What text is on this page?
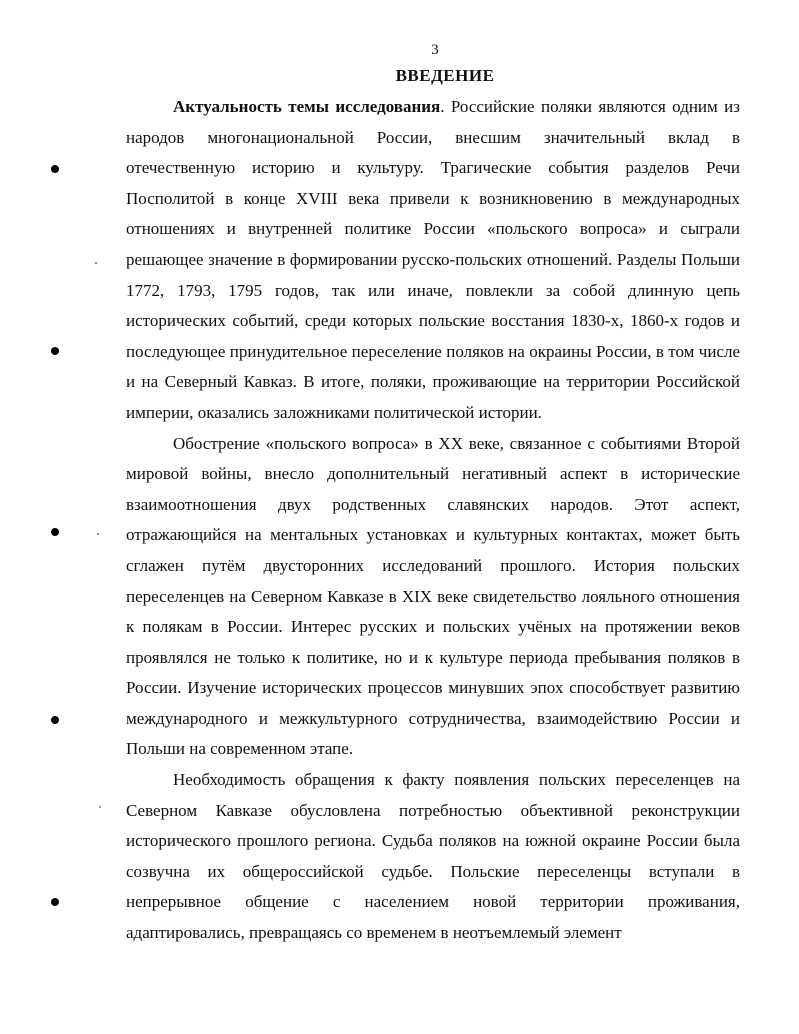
3
ВВЕДЕНИЕ

Актуальность темы исследования. Российские поляки являются одним из народов многонациональной России, внесшим значительный вклад в отечественную историю и культуру. Трагические события разделов Речи Посполитой в конце XVIII века привели к возникновению в международных отношениях и внутренней политике России «польского вопроса» и сыграли решающее значение в формировании русско-польских отношений. Разделы Польши 1772, 1793, 1795 годов, так или иначе, повлекли за собой длинную цепь исторических событий, среди которых польские восстания 1830-х, 1860-х годов и последующее принудительное переселение поляков на окраины России, в том числе и на Северный Кавказ. В итоге, поляки, проживающие на территории Российской империи, оказались заложниками политической истории.

Обострение «польского вопроса» в XX веке, связанное с событиями Второй мировой войны, внесло дополнительный негативный аспект в исторические взаимоотношения двух родственных славянских народов. Этот аспект, отражающийся на ментальных установках и культурных контактах, может быть сглажен путём двусторонних исследований прошлого. История польских переселенцев на Северном Кавказе в XIX веке свидетельство лояльного отношения к полякам в России. Интерес русских и польских учёных на протяжении веков проявлялся не только к политике, но и к культуре периода пребывания поляков в России. Изучение исторических процессов минувших эпох способствует развитию международного и межкультурного сотрудничества, взаимодействию России и Польши на современном этапе.

Необходимость обращения к факту появления польских переселенцев на Северном Кавказе обусловлена потребностью объективной реконструкции исторического прошлого региона. Судьба поляков на южной окраине России была созвучна их общероссийской судьбе. Польские переселенцы вступали в непрерывное общение с населением новой территории проживания, адаптировались, превращаясь со временем в неотъемлемый элемент
